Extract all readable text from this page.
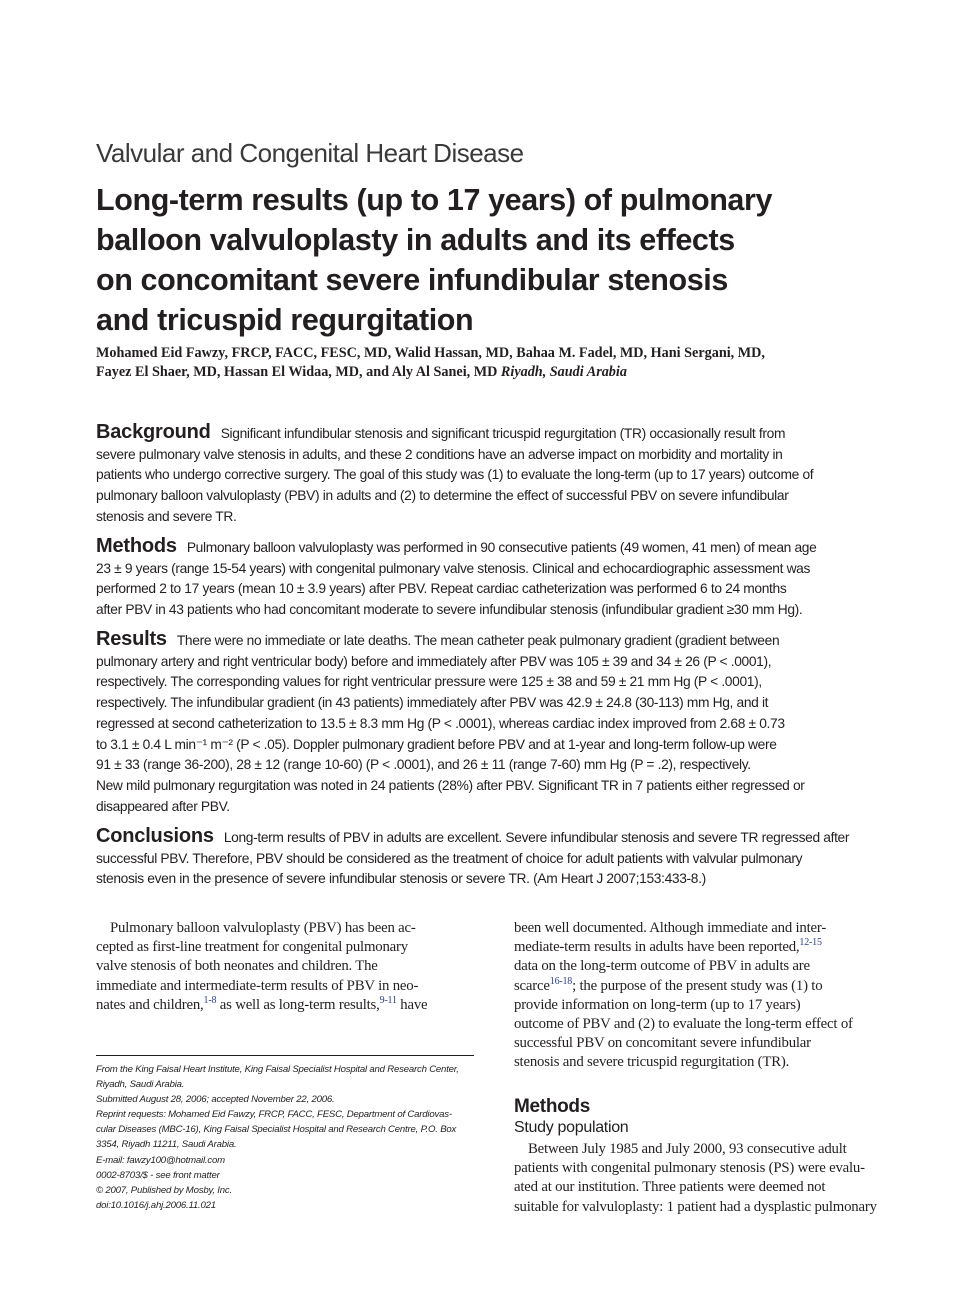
Valvular and Congenital Heart Disease
Long-term results (up to 17 years) of pulmonary
balloon valvuloplasty in adults and its effects
on concomitant severe infundibular stenosis
and tricuspid regurgitation
Mohamed Eid Fawzy, FRCP, FACC, FESC, MD, Walid Hassan, MD, Bahaa M. Fadel, MD, Hani Sergani, MD,
Fayez El Shaer, MD, Hassan El Widaa, MD, and Aly Al Sanei, MD Riyadh, Saudi Arabia
Background Significant infundibular stenosis and significant tricuspid regurgitation (TR) occasionally result from
severe pulmonary valve stenosis in adults, and these 2 conditions have an adverse impact on morbidity and mortality in
patients who undergo corrective surgery. The goal of this study was (1) to evaluate the long-term (up to 17 years) outcome of
pulmonary balloon valvuloplasty (PBV) in adults and (2) to determine the effect of successful PBV on severe infundibular
stenosis and severe TR.
Methods Pulmonary balloon valvuloplasty was performed in 90 consecutive patients (49 women, 41 men) of mean age
23 ± 9 years (range 15-54 years) with congenital pulmonary valve stenosis. Clinical and echocardiographic assessment was
performed 2 to 17 years (mean 10 ± 3.9 years) after PBV. Repeat cardiac catheterization was performed 6 to 24 months
after PBV in 43 patients who had concomitant moderate to severe infundibular stenosis (infundibular gradient ≥30 mm Hg).
Results There were no immediate or late deaths. The mean catheter peak pulmonary gradient (gradient between
pulmonary artery and right ventricular body) before and immediately after PBV was 105 ± 39 and 34 ± 26 (P < .0001),
respectively. The corresponding values for right ventricular pressure were 125 ± 38 and 59 ± 21 mm Hg (P < .0001),
respectively. The infundibular gradient (in 43 patients) immediately after PBV was 42.9 ± 24.8 (30-113) mm Hg, and it
regressed at second catheterization to 13.5 ± 8.3 mm Hg (P < .0001), whereas cardiac index improved from 2.68 ± 0.73
to 3.1 ± 0.4 L min⁻¹ m⁻² (P < .05). Doppler pulmonary gradient before PBV and at 1-year and long-term follow-up were
91 ± 33 (range 36-200), 28 ± 12 (range 10-60) (P < .0001), and 26 ± 11 (range 7-60) mm Hg (P = .2), respectively.
New mild pulmonary regurgitation was noted in 24 patients (28%) after PBV. Significant TR in 7 patients either regressed or
disappeared after PBV.
Conclusions Long-term results of PBV in adults are excellent. Severe infundibular stenosis and severe TR regressed after
successful PBV. Therefore, PBV should be considered as the treatment of choice for adult patients with valvular pulmonary
stenosis even in the presence of severe infundibular stenosis or severe TR. (Am Heart J 2007;153:433-8.)
Pulmonary balloon valvuloplasty (PBV) has been ac-
cepted as first-line treatment for congenital pulmonary
valve stenosis of both neonates and children. The
immediate and intermediate-term results of PBV in neo-
nates and children,$^{1-8}$ as well as long-term results,$^{9-11}$ have
From the King Faisal Heart Institute, King Faisal Specialist Hospital and Research Center,
Riyadh, Saudi Arabia.
Submitted August 28, 2006; accepted November 22, 2006.
Reprint requests: Mohamed Eid Fawzy, FRCP, FACC, FESC, Department of Cardiovas-
cular Diseases (MBC-16), King Faisal Specialist Hospital and Research Centre, P.O. Box
3354, Riyadh 11211, Saudi Arabia.
E-mail: fawzy100@hotmail.com
0002-8703/$ - see front matter
© 2007, Published by Mosby, Inc.
doi:10.1016/j.ahj.2006.11.021
been well documented. Although immediate and inter-
mediate-term results in adults have been reported,$^{12-15}$
data on the long-term outcome of PBV in adults are
scarce$^{16-18}$; the purpose of the present study was (1) to
provide information on long-term (up to 17 years)
outcome of PBV and (2) to evaluate the long-term effect of
successful PBV on concomitant severe infundibular
stenosis and severe tricuspid regurgitation (TR).
Methods
Study population
Between July 1985 and July 2000, 93 consecutive adult
patients with congenital pulmonary stenosis (PS) were evalu-
ated at our institution. Three patients were deemed not
suitable for valvuloplasty: 1 patient had a dysplastic pulmonary
